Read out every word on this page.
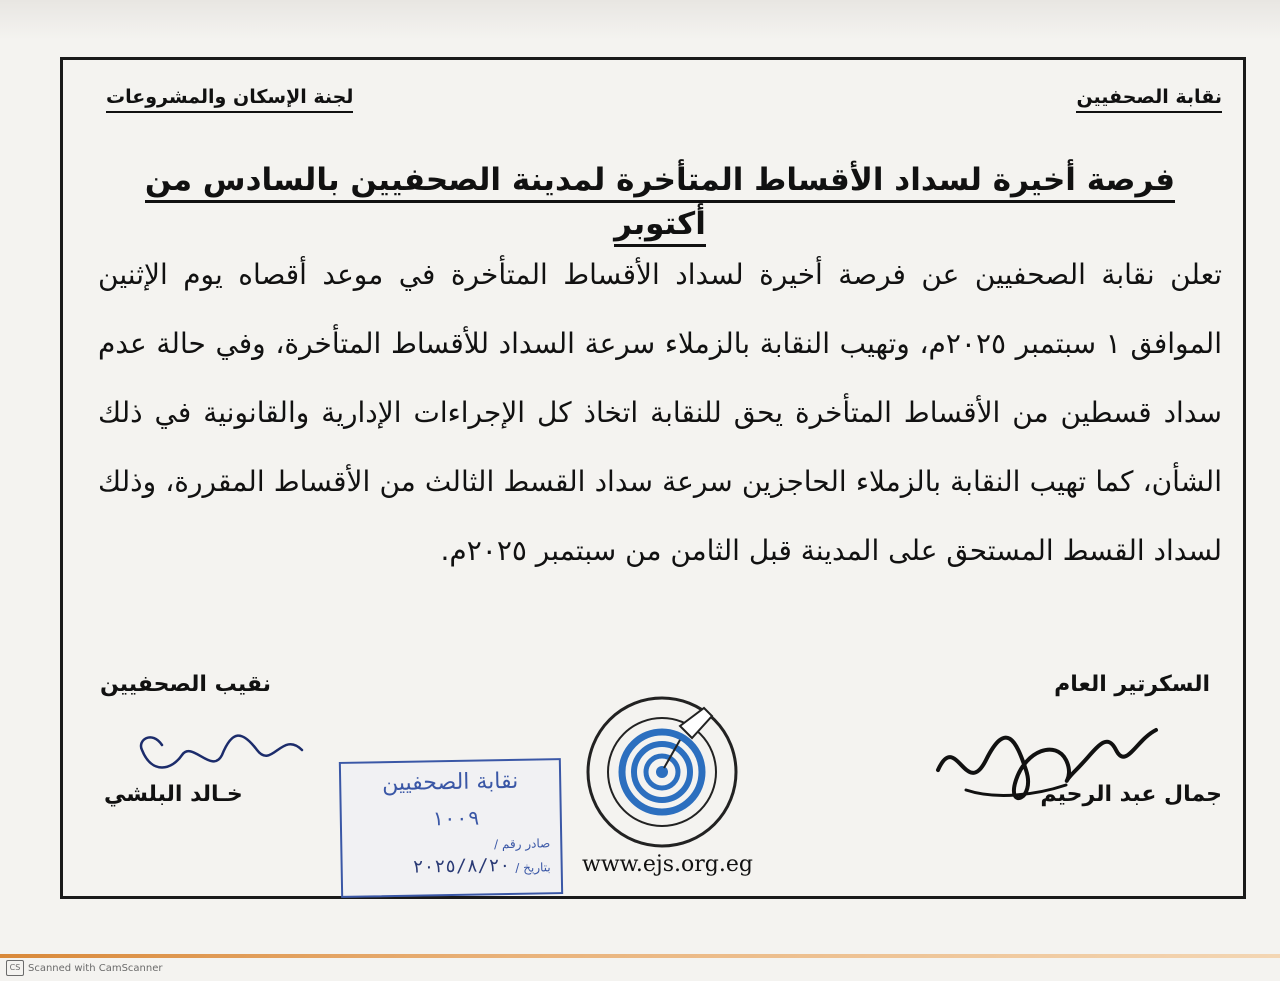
نقابة الصحفيين
لجنة الإسكان والمشروعات
فرصة أخيرة لسداد الأقساط المتأخرة لمدينة الصحفيين بالسادس من أكتوبر
تعلن نقابة الصحفيين عن فرصة أخيرة لسداد الأقساط المتأخرة في موعد أقصاه يوم الإثنين الموافق ١ سبتمبر ٢٠٢٥م، وتهيب النقابة بالزملاء سرعة السداد للأقساط المتأخرة، وفي حالة عدم سداد قسطين من الأقساط المتأخرة يحق للنقابة اتخاذ كل الإجراءات الإدارية والقانونية في ذلك الشأن، كما تهيب النقابة بالزملاء الحاجزين سرعة سداد القسط الثالث من الأقساط المقررة، وذلك لسداد القسط المستحق على المدينة قبل الثامن من سبتمبر ٢٠٢٥م.
السكرتير العام
جمال عبد الرحيم
نقيب الصحفيين
خـالد البلشي	نقابة الصحفيين
١٠٠٩
صادر رقم /
بتاريخ /
٢٠٢٥/٨/٢٠	www.ejs.org.eg
CS Scanned with CamScanner
